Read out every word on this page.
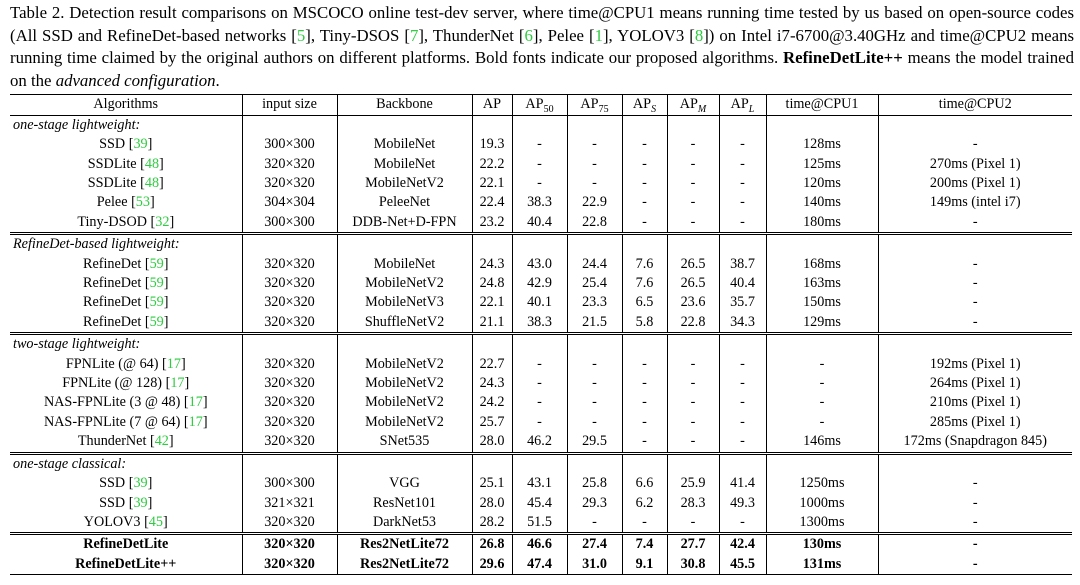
Table 2. Detection result comparisons on MSCOCO online test-dev server, where time@CPU1 means running time tested by us based on open-source codes (All SSD and RefineDet-based networks [5], Tiny-DSOS [7], ThunderNet [6], Pelee [1], YOLOV3 [8]) on Intel i7-6700@3.40GHz and time@CPU2 means running time claimed by the original authors on different platforms. Bold fonts indicate our proposed algorithms. RefineDetLite++ means the model trained on the advanced configuration.

Algorithms	input size	Backbone	AP	$AP_{50}$	$AP_{75}$	$AP_S$	$AP_M$	$AP_L$	time@CPU1	time@CPU2
one-stage lightweight:										
SSD [39]	300×300	MobileNet	19.3	-	-	-	-	-	128ms	-
SSDLite [48]	320×320	MobileNet	22.2	-	-	-	-	-	125ms	270ms (Pixel 1)
SSDLite [48]	320×320	MobileNetV2	22.1	-	-	-	-	-	120ms	200ms (Pixel 1)
Pelee [53]	304×304	PeleeNet	22.4	38.3	22.9	-	-	-	140ms	149ms (intel i7)
Tiny-DSOD [32]	300×300	DDB-Net+D-FPN	23.2	40.4	22.8	-	-	-	180ms	-
RefineDet-based lightweight:										
RefineDet [59]	320×320	MobileNet	24.3	43.0	24.4	7.6	26.5	38.7	168ms	-
RefineDet [59]	320×320	MobileNetV2	24.8	42.9	25.4	7.6	26.5	40.4	163ms	-
RefineDet [59]	320×320	MobileNetV3	22.1	40.1	23.3	6.5	23.6	35.7	150ms	-
RefineDet [59]	320×320	ShuffleNetV2	21.1	38.3	21.5	5.8	22.8	34.3	129ms	-
two-stage lightweight:										
FPNLite (@ 64) [17]	320×320	MobileNetV2	22.7	-	-	-	-	-	-	192ms (Pixel 1)
FPNLite (@ 128) [17]	320×320	MobileNetV2	24.3	-	-	-	-	-	-	264ms (Pixel 1)
NAS-FPNLite (3 @ 48) [17]	320×320	MobileNetV2	24.2	-	-	-	-	-	-	210ms (Pixel 1)
NAS-FPNLite (7 @ 64) [17]	320×320	MobileNetV2	25.7	-	-	-	-	-	-	285ms (Pixel 1)
ThunderNet [42]	320×320	SNet535	28.0	46.2	29.5	-	-	-	146ms	172ms (Snapdragon 845)
one-stage classical:										
SSD [39]	300×300	VGG	25.1	43.1	25.8	6.6	25.9	41.4	1250ms	-
SSD [39]	321×321	ResNet101	28.0	45.4	29.3	6.2	28.3	49.3	1000ms	-
YOLOV3 [45]	320×320	DarkNet53	28.2	51.5	-	-	-	-	1300ms	-
RefineDetLite	320×320	Res2NetLite72	26.8	46.6	27.4	7.4	27.7	42.4	130ms	-
RefineDetLite++	320×320	Res2NetLite72	29.6	47.4	31.0	9.1	30.8	45.5	131ms	-
